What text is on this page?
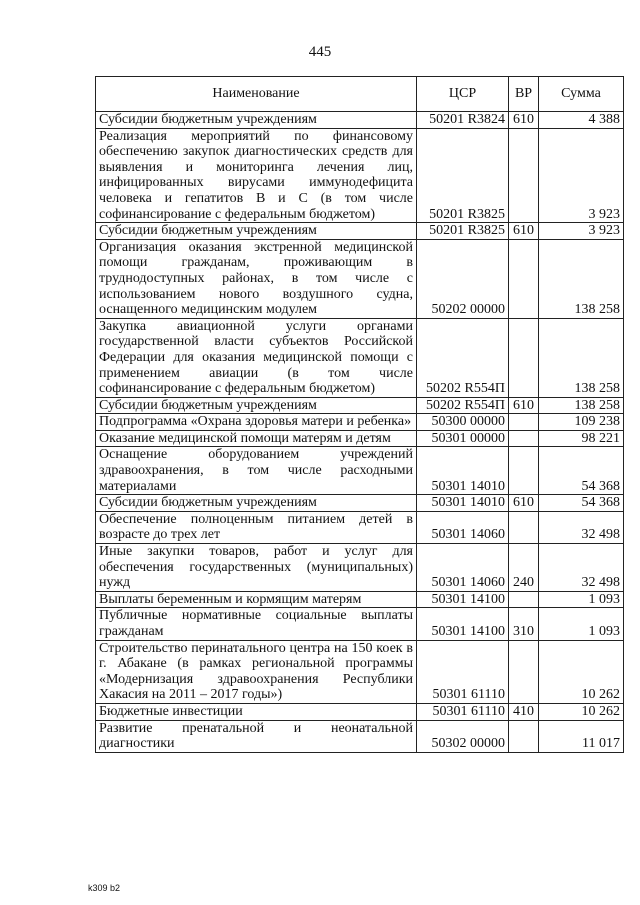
445
Наименование	ЦСР	ВР	Сумма
Субсидии бюджетным учреждениям	50201 R3824	610	4 388
Реализация мероприятий по финансовому обеспечению закупок диагностических средств для выявления и мониторинга лечения лиц, инфицированных вирусами иммунодефицита человека и гепатитов В и С (в том числе софинансирование с федеральным бюджетом)	50201 R3825		3 923
Субсидии бюджетным учреждениям	50201 R3825	610	3 923
Организация оказания экстренной медицинской помощи гражданам, проживающим в труднодоступных районах, в том числе с использованием нового воздушного судна, оснащенного медицинским модулем	50202 00000		138 258
Закупка авиационной услуги органами государственной власти субъектов Российской Федерации для оказания медицинской помощи с применением авиации (в том числе софинансирование с федеральным бюджетом)	50202 R554П		138 258
Субсидии бюджетным учреждениям	50202 R554П	610	138 258
Подпрограмма «Охрана здоровья матери и ребенка»	50300 00000		109 238
Оказание медицинской помощи матерям и детям	50301 00000		98 221
Оснащение оборудованием учреждений здравоохранения, в том числе расходными материалами	50301 14010		54 368
Субсидии бюджетным учреждениям	50301 14010	610	54 368
Обеспечение полноценным питанием детей в возрасте до трех лет	50301 14060		32 498
Иные закупки товаров, работ и услуг для обеспечения государственных (муниципальных) нужд	50301 14060	240	32 498
Выплаты беременным и кормящим матерям	50301 14100		1 093
Публичные нормативные социальные выплаты гражданам	50301 14100	310	1 093
Строительство перинатального центра на 150 коек в г. Абакане (в рамках региональной программы «Модернизация здравоохранения Республики Хакасия на 2011 – 2017 годы»)	50301 61110		10 262
Бюджетные инвестиции	50301 61110	410	10 262
Развитие пренатальной и неонатальной диагностики	50302 00000		11 017
k309 b2
